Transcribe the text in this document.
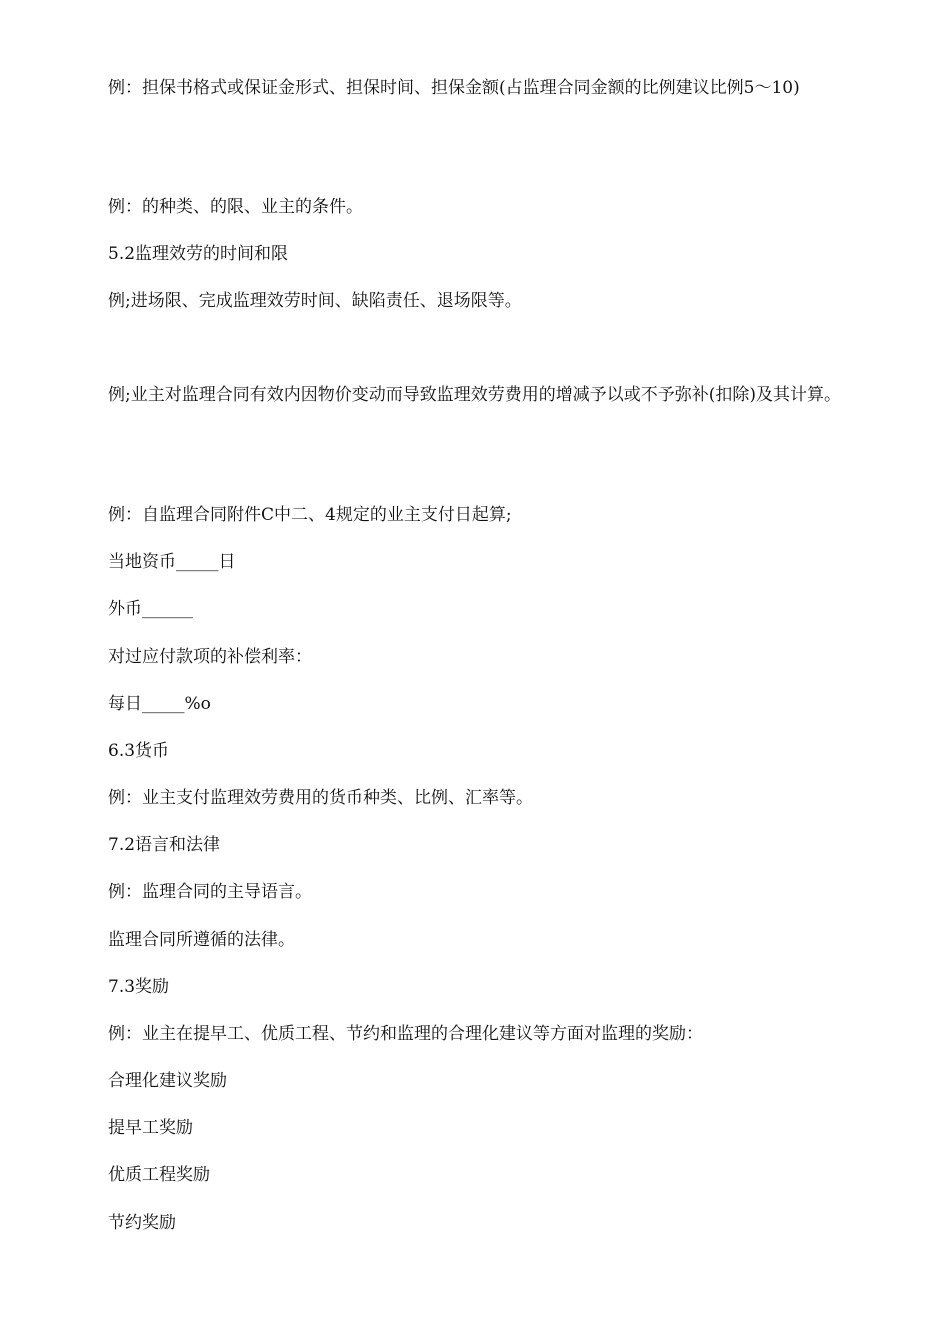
例：担保书格式或保证金形式、担保时间、担保金额(占监理合同金额的比例建议比例5～10)

例：的种类、的限、业主的条件。

5.2监理效劳的时间和限

例;进场限、完成监理效劳时间、缺陷责任、退场限等。

例;业主对监理合同有效内因物价变动而导致监理效劳费用的增减予以或不予弥补(扣除)及其计算。

例：自监理合同附件C中二、4规定的业主支付日起算;

当地资币_____日

外币______

对过应付款项的补偿利率：

每日_____%o

6.3货币

例：业主支付监理效劳费用的货币种类、比例、汇率等。

7.2语言和法律

例：监理合同的主导语言。

监理合同所遵循的法律。

7.3奖励

例：业主在提早工、优质工程、节约和监理的合理化建议等方面对监理的奖励：

合理化建议奖励

提早工奖励

优质工程奖励

节约奖励
